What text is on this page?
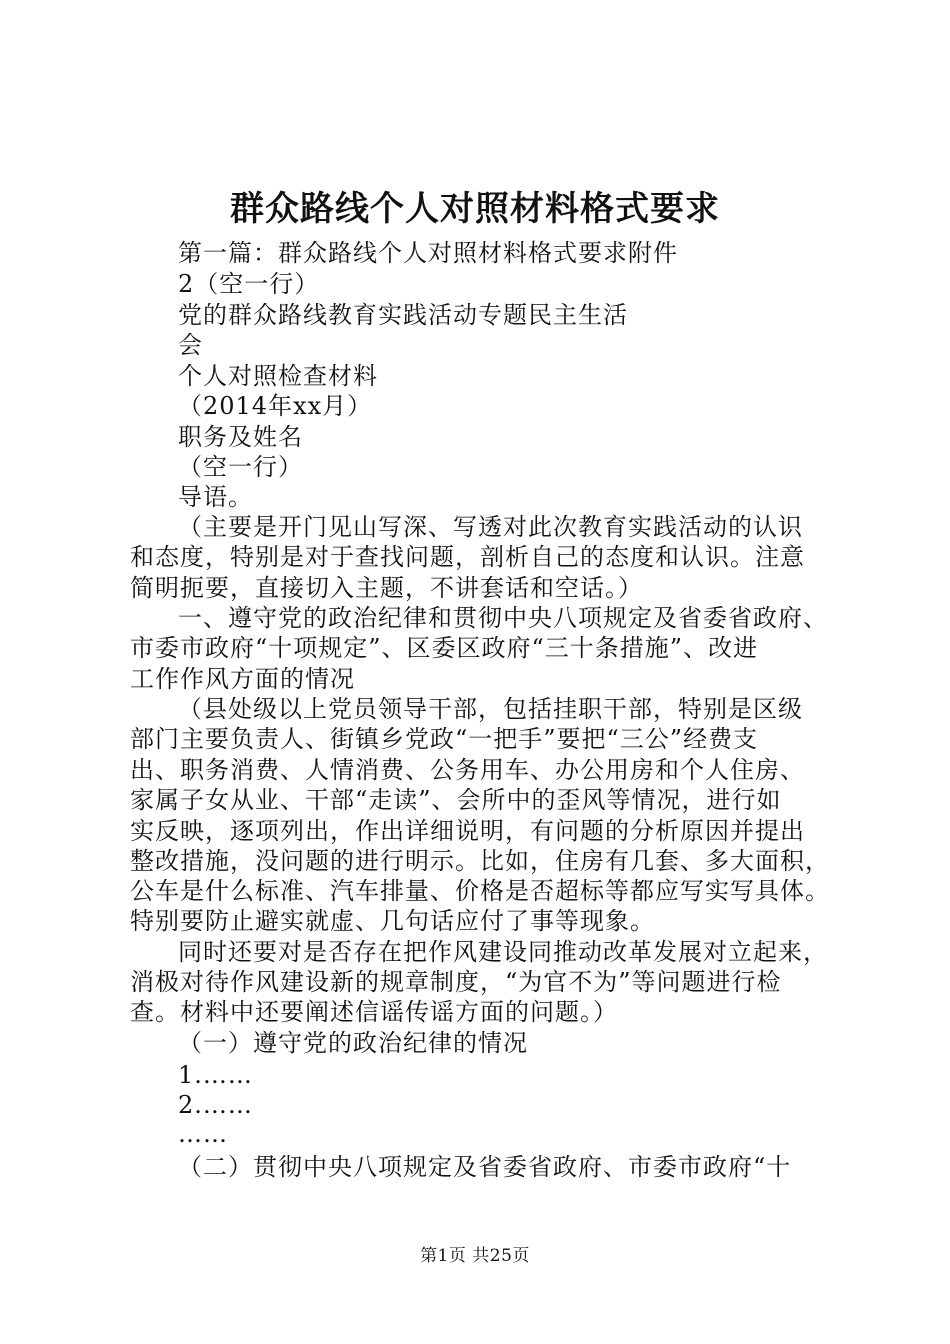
群众路线个人对照材料格式要求
第一篇：群众路线个人对照材料格式要求附件
2（空一行）
党的群众路线教育实践活动专题民主生活
会
个人对照检查材料
（2014年xx月）
职务及姓名
（空一行）
导语。
（主要是开门见山写深、写透对此次教育实践活动的认识
和态度，特别是对于查找问题，剖析自己的态度和认识。注意
简明扼要，直接切入主题，不讲套话和空话。）
一、遵守党的政治纪律和贯彻中央八项规定及省委省政府、
市委市政府“十项规定”、区委区政府“三十条措施”、改进
工作作风方面的情况
（县处级以上党员领导干部，包括挂职干部，特别是区级
部门主要负责人、街镇乡党政“一把手”要把“三公”经费支
出、职务消费、人情消费、公务用车、办公用房和个人住房、
家属子女从业、干部“走读”、会所中的歪风等情况，进行如
实反映，逐项列出，作出详细说明，有问题的分析原因并提出
整改措施，没问题的进行明示。比如，住房有几套、多大面积，
公车是什么标准、汽车排量、价格是否超标等都应写实写具体。
特别要防止避实就虚、几句话应付了事等现象。
同时还要对是否存在把作风建设同推动改革发展对立起来，
消极对待作风建设新的规章制度，“为官不为”等问题进行检
查。材料中还要阐述信谣传谣方面的问题。）
（一）遵守党的政治纪律的情况
1.……
2.……
……
（二）贯彻中央八项规定及省委省政府、市委市政府“十
第1页 共25页
